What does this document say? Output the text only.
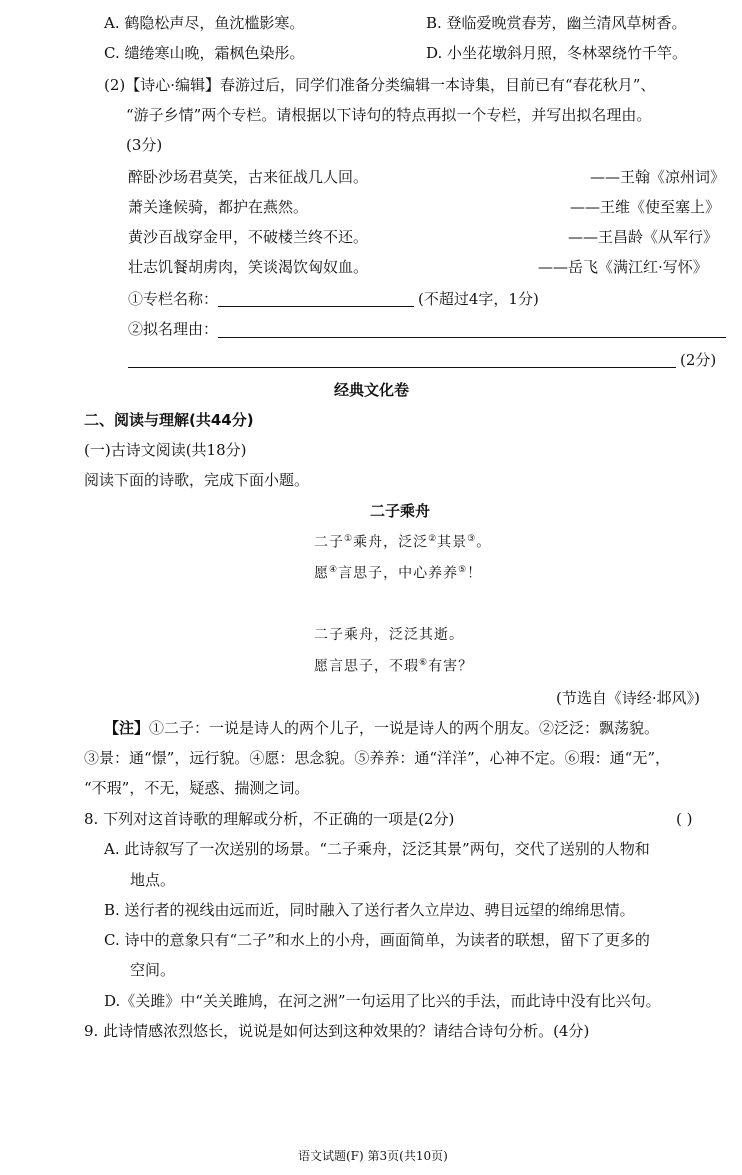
A. 鹤隐松声尽，鱼沈槛影寒。	B. 登临爱晚赏春芳，幽兰清风草树香。
C. 缱绻寒山晚，霜枫色染彤。	D. 小坐花墩斜月照，冬林翠绕竹千竿。
(2)【诗心·编辑】春游过后，同学们准备分类编辑一本诗集，目前已有“春花秋月”、
“游子乡情”两个专栏。请根据以下诗句的特点再拟一个专栏，并写出拟名理由。
(3分)
醉卧沙场君莫笑，古来征战几人回。	——王翰《凉州词》
萧关逢候骑，都护在燕然。	——王维《使至塞上》
黄沙百战穿金甲，不破楼兰终不还。	——王昌龄《从军行》
壮志饥餐胡虏肉，笑谈渴饮匈奴血。	——岳飞《满江红·写怀》
①专栏名称：	(不超过4字，1分)
②拟名理由：
(2分)
经典文化卷
二、阅读与理解(共44分)
(一)古诗文阅读(共18分)
阅读下面的诗歌，完成下面小题。
二子乘舟
二子①乘舟，泛泛②其景③。
愿④言思子，中心养养⑤！
二子乘舟，泛泛其逝。
愿言思子，不瑕⑥有害？
(节选自《诗经·邶风》)
【注】①二子：一说是诗人的两个儿子，一说是诗人的两个朋友。②泛泛：飘荡貌。
③景：通“憬”，远行貌。④愿：思念貌。⑤养养：通“洋洋”，心神不定。⑥瑕：通“无”，
“不瑕”，不无，疑惑、揣测之词。
8. 下列对这首诗歌的理解或分析，不正确的一项是(2分)	( )
A. 此诗叙写了一次送别的场景。“二子乘舟，泛泛其景”两句，交代了送别的人物和
地点。
B. 送行者的视线由远而近，同时融入了送行者久立岸边、骋目远望的绵绵思情。
C. 诗中的意象只有“二子”和水上的小舟，画面简单，为读者的联想，留下了更多的
空间。
D.《关雎》中“关关雎鸠，在河之洲”一句运用了比兴的手法，而此诗中没有比兴句。
9. 此诗情感浓烈悠长，说说是如何达到这种效果的？请结合诗句分析。(4分)
语文试题(F) 第3页(共10页)
